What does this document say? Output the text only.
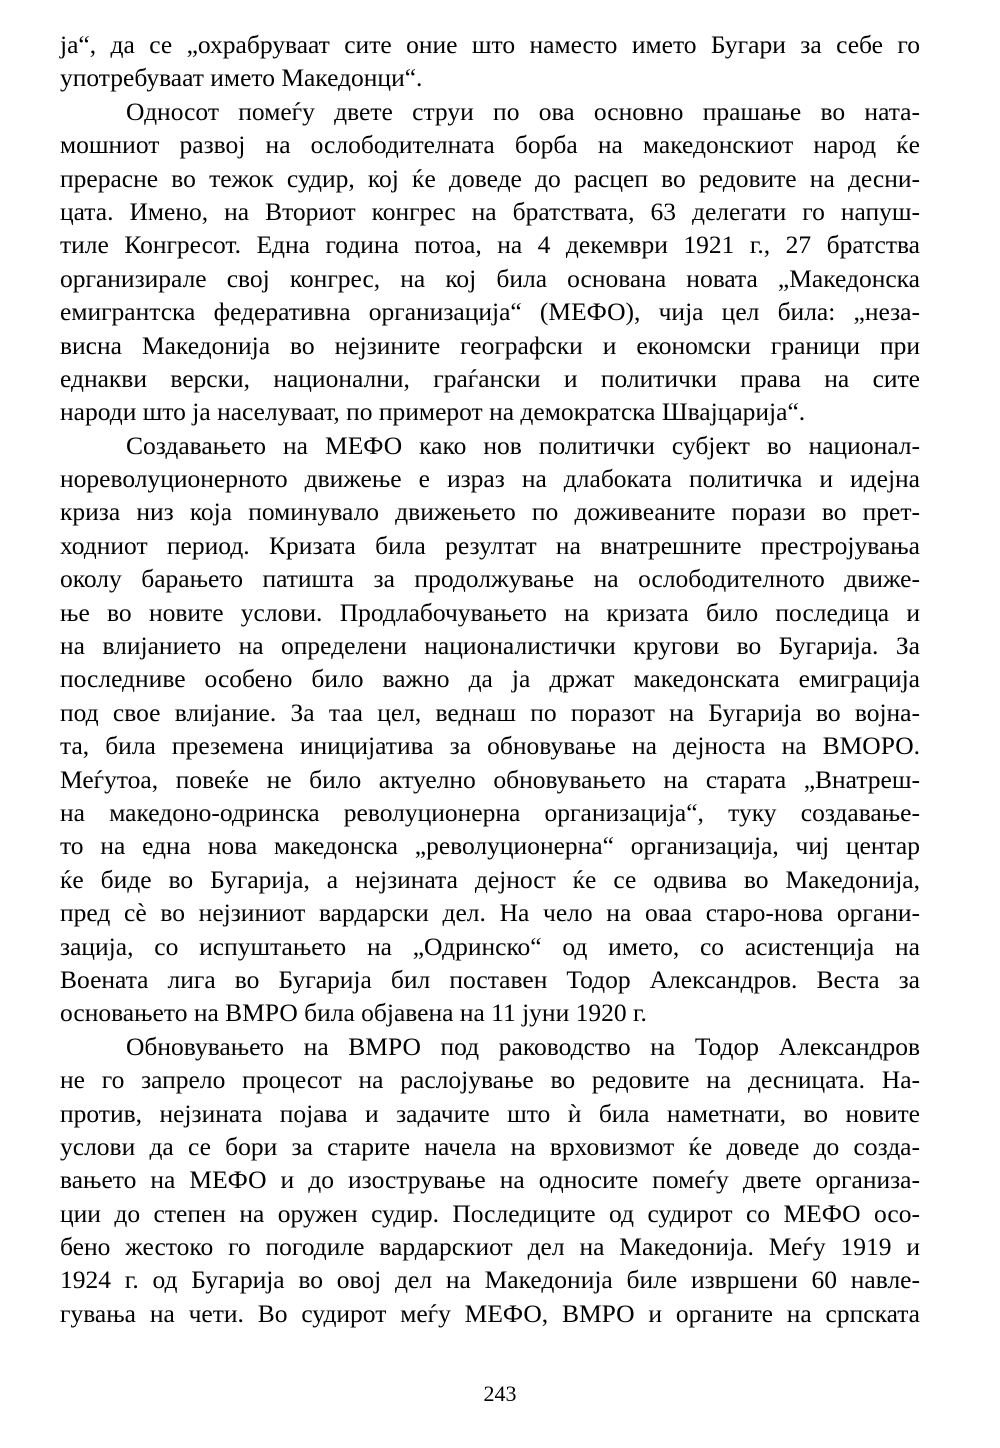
ја“, да се „охрабруваат сите оние што наместо името Бугари за себе го
употребуваат името Македонци“.
Односот помеѓу двете струи по ова основно прашање во ната-
мошниот развој на ослободителната борба на македонскиот народ ќе
прерасне во тежок судир, кој ќе доведе до расцеп во редовите на десни-
цата. Имено, на Вториот конгрес на братствата, 63 делегати го напуш-
тиле Конгресот. Една година потоа, на 4 декември 1921 г., 27 братства
организирале свој конгрес, на кој била основана новата „Македонска
емигрантска федеративна организација“ (МЕФО), чија цел била: „неза-
висна Македонија во нејзините географски и економски граници при
еднакви верски, национални, граѓански и политички права на сите
народи што ја населуваат, по примерот на демократска Швајцарија“.
Создавањето на МЕФО како нов политички субјект во национал-
нореволуционерното движење е израз на длабоката политичка и идејна
криза низ која поминувало движењето по доживеаните порази во прет-
ходниот период. Кризата била резултат на внатрешните престројувања
околу барањето патишта за продолжување на ослободителното движе-
ње во новите услови. Продлабочувањето на кризата било последица и
на влијанието на определени националистички кругови во Бугарија. За
последниве особено било важно да ја држат македонската емиграција
под свое влијание. За таа цел, веднаш по поразот на Бугарија во војна-
та, била преземена иницијатива за обновување на дејноста на ВМОРО.
Меѓутоа, повеќе не било актуелно обновувањето на старата „Внатреш-
на македоно-одринска револуционерна организација“, туку создавање-
то на една нова македонска „револуционерна“ организација, чиј центар
ќе биде во Бугарија, а нејзината дејност ќе се одвива во Македонија,
пред сè во нејзиниот вардарски дел. На чело на оваа старо-нова органи-
зација, со испуштањето на „Одринско“ од името, со асистенција на
Воената лига во Бугарија бил поставен Тодор Александров. Веста за
основањето на ВМРО била објавена на 11 јуни 1920 г.
Обновувањето на ВМРО под раководство на Тодор Александров
не го запрело процесот на раслојување во редовите на десницата. На-
против, нејзината појава и задачите што ѝ била наметнати, во новите
услови да се бори за старите начела на врховизмот ќе доведе до созда-
вањето на МЕФО и до изострување на односите помеѓу двете организа-
ции до степен на оружен судир. Последиците од судирот со МЕФО осо-
бено жестоко го погодиле вардарскиот дел на Македонија. Меѓу 1919 и
1924 г. од Бугарија во овој дел на Македонија биле извршени 60 навле-
гувања на чети. Во судирот меѓу МЕФО, ВМРО и органите на српската
243
